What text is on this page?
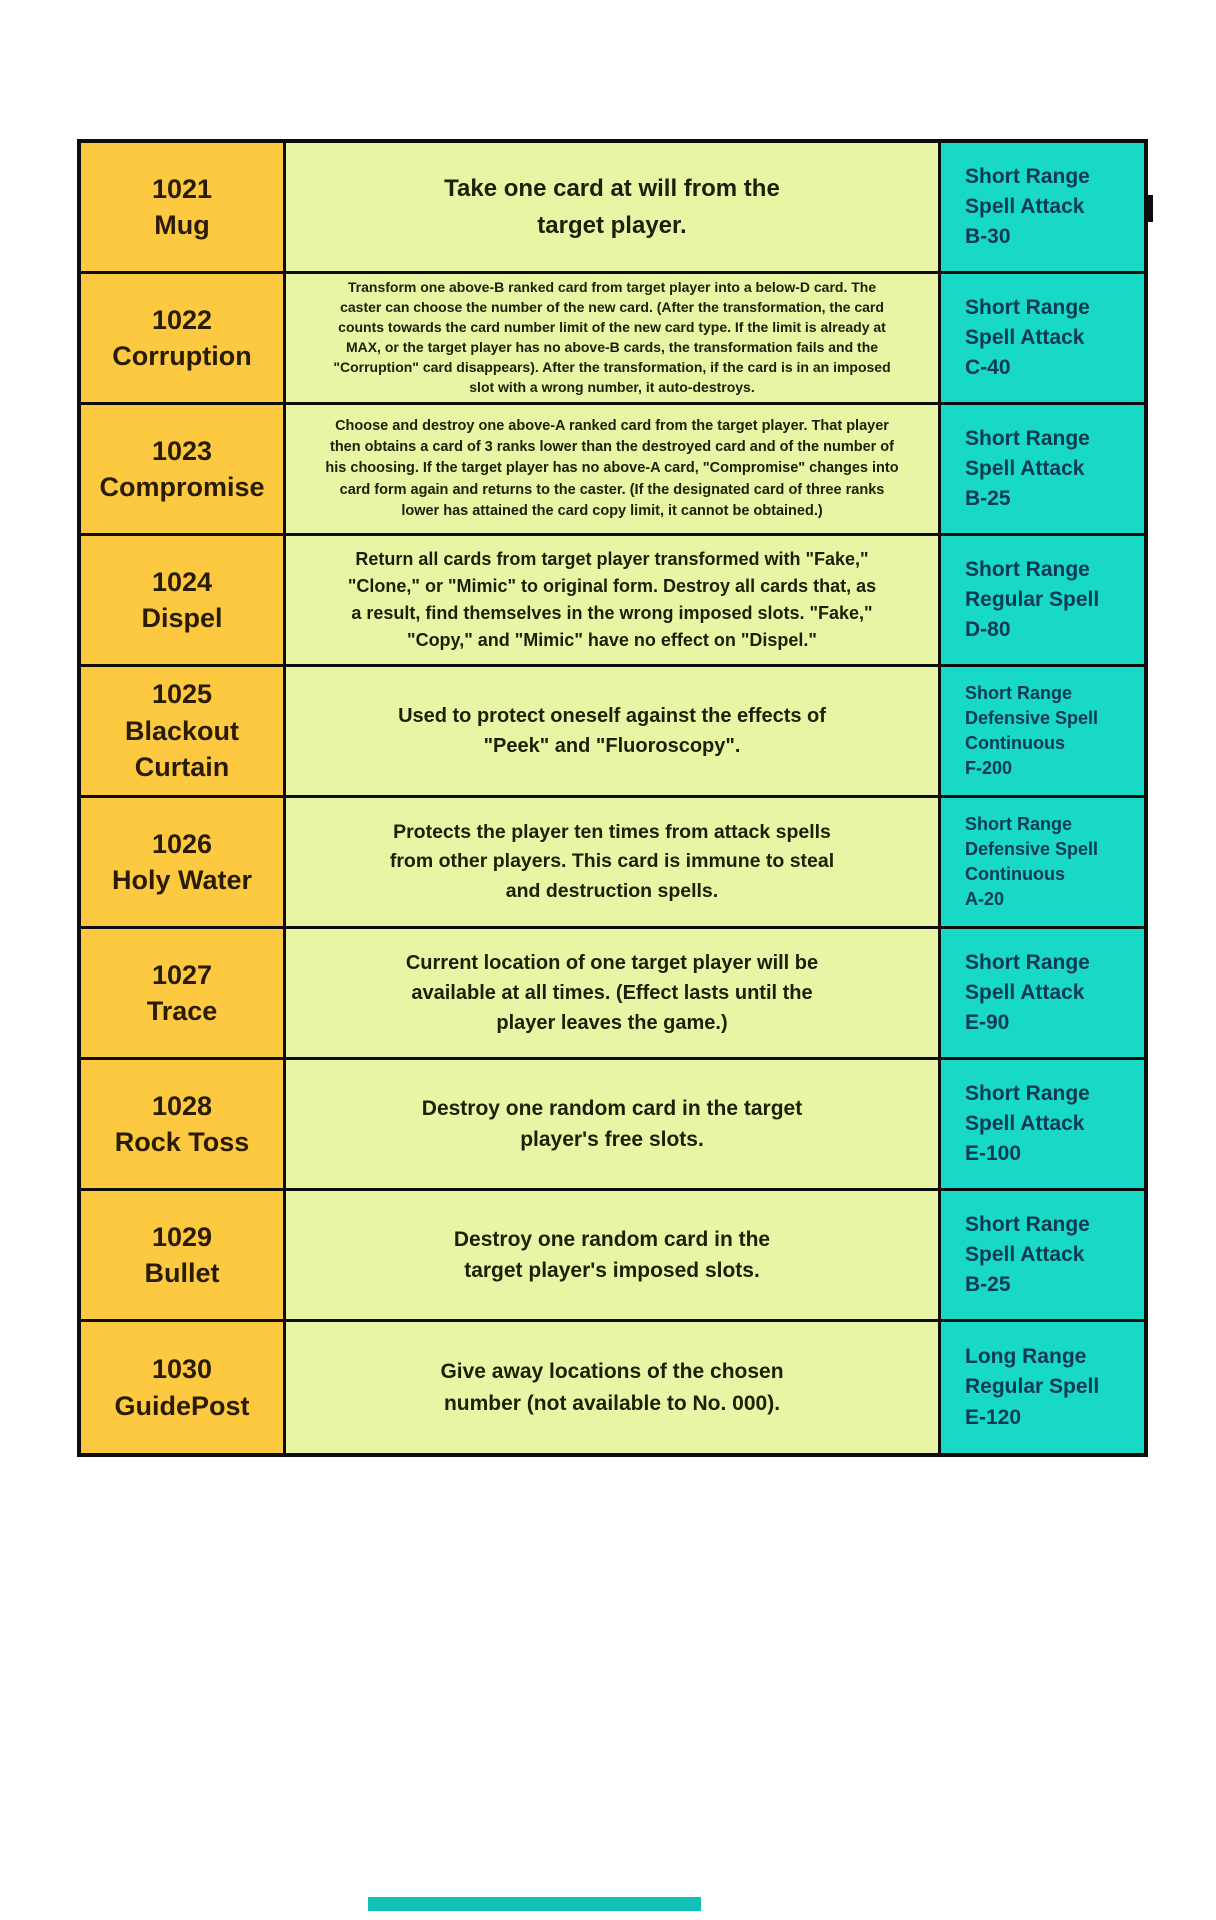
1021
Mug
Take one card at will from the
target player.
Short Range
Spell Attack
B-30
1022
Corruption
Transform one above-B ranked card from target player into a below-D card. The
caster can choose the number of the new card. (After the transformation, the card
counts towards the card number limit of the new card type. If the limit is already at
MAX, or the target player has no above-B cards, the transformation fails and the
"Corruption" card disappears). After the transformation, if the card is in an imposed
slot with a wrong number, it auto-destroys.
Short Range
Spell Attack
C-40
1023
Compromise
Choose and destroy one above-A ranked card from the target player. That player
then obtains a card of 3 ranks lower than the destroyed card and of the number of
his choosing. If the target player has no above-A card, "Compromise" changes into
card form again and returns to the caster. (If the designated card of three ranks
lower has attained the card copy limit, it cannot be obtained.)
Short Range
Spell Attack
B-25
1024
Dispel
Return all cards from target player transformed with "Fake,"
"Clone," or "Mimic" to original form. Destroy all cards that, as
a result, find themselves in the wrong imposed slots. "Fake,"
"Copy," and "Mimic" have no effect on "Dispel."
Short Range
Regular Spell
D-80
1025
Blackout
Curtain
Used to protect oneself against the effects of
"Peek" and "Fluoroscopy".
Short Range
Defensive Spell
Continuous
F-200
1026
Holy Water
Protects the player ten times from attack spells
from other players. This card is immune to steal
and destruction spells.
Short Range
Defensive Spell
Continuous
A-20
1027
Trace
Current location of one target player will be
available at all times. (Effect lasts until the
player leaves the game.)
Short Range
Spell Attack
E-90
1028
Rock Toss
Destroy one random card in the target
player's free slots.
Short Range
Spell Attack
E-100
1029
Bullet
Destroy one random card in the
target player's imposed slots.
Short Range
Spell Attack
B-25
1030
GuidePost
Give away locations of the chosen
number (not available to No. 000).
Long Range
Regular Spell
E-120
